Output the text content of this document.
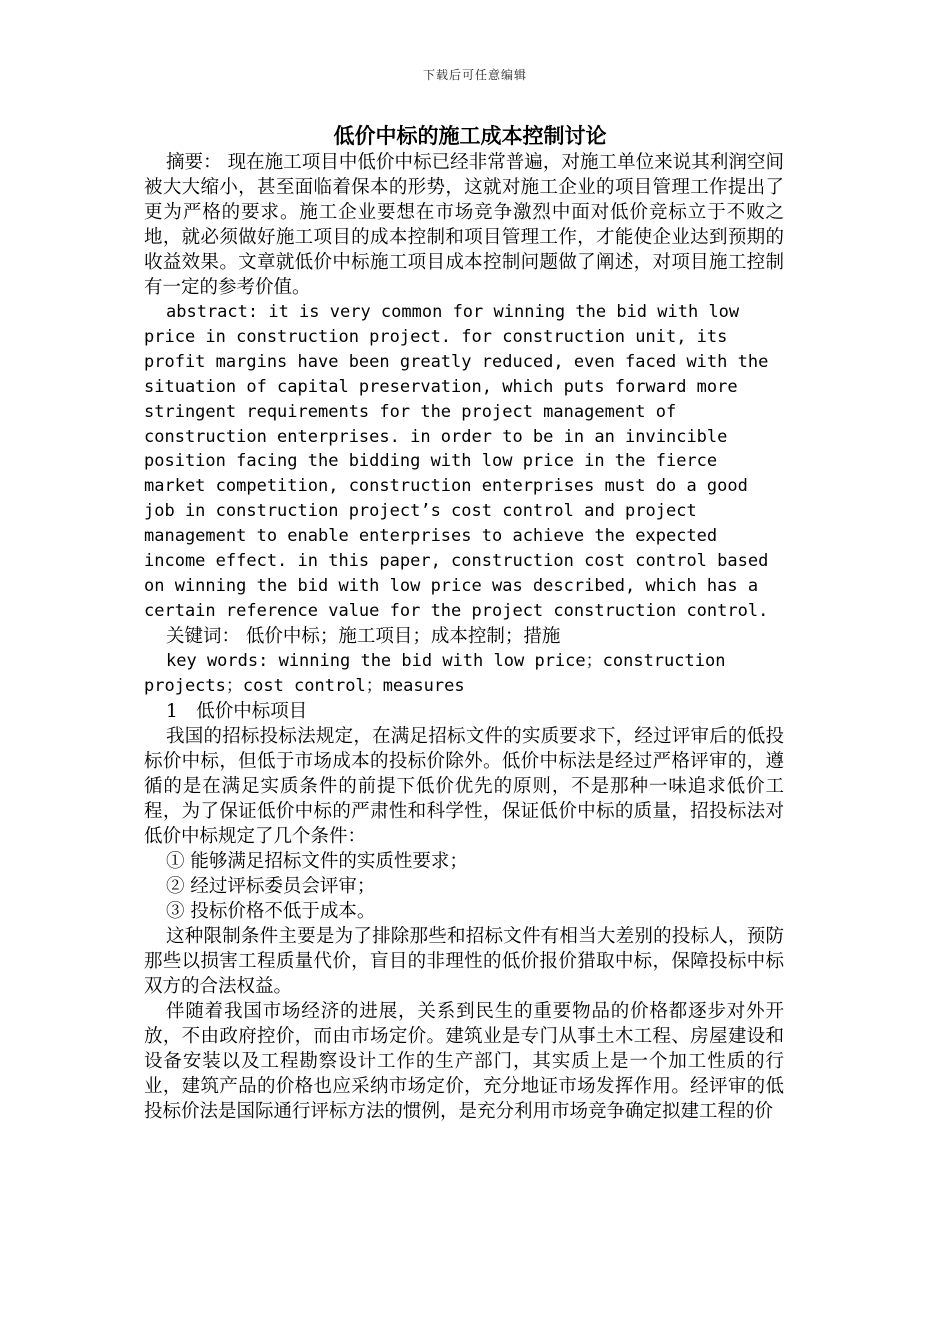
下载后可任意编辑
低价中标的施工成本控制讨论

摘要： 现在施工项目中低价中标已经非常普遍，对施工单位来说其利润空间被大大缩小，甚至面临着保本的形势，这就对施工企业的项目管理工作提出了更为严格的要求。施工企业要想在市场竞争激烈中面对低价竞标立于不败之地，就必须做好施工项目的成本控制和项目管理工作，才能使企业达到预期的收益效果。文章就低价中标施工项目成本控制问题做了阐述，对项目施工控制有一定的参考价值。

abstract: it is very common for winning the bid with low price in construction project. for construction unit, its profit margins have been greatly reduced, even faced with the situation of capital preservation, which puts forward more stringent requirements for the project management of construction enterprises. in order to be in an invincible position facing the bidding with low price in the fierce market competition, construction enterprises must do a good job in construction project’s cost control and project management to enable enterprises to achieve the expected income effect. in this paper, construction cost control based on winning the bid with low price was described, which has a certain reference value for the project construction control.

关键词： 低价中标；施工项目；成本控制；措施

key words: winning the bid with low price；construction projects；cost control；measures

1　低价中标项目

我国的招标投标法规定，在满足招标文件的实质要求下，经过评审后的低投标价中标，但低于市场成本的投标价除外。低价中标法是经过严格评审的，遵循的是在满足实质条件的前提下低价优先的原则，不是那种一味追求低价工程，为了保证低价中标的严肃性和科学性，保证低价中标的质量，招投标法对低价中标规定了几个条件：

① 能够满足招标文件的实质性要求；

② 经过评标委员会评审；

③ 投标价格不低于成本。

这种限制条件主要是为了排除那些和招标文件有相当大差别的投标人，预防那些以损害工程质量代价，盲目的非理性的低价报价猎取中标，保障投标中标双方的合法权益。

伴随着我国市场经济的进展，关系到民生的重要物品的价格都逐步对外开放，不由政府控价，而由市场定价。建筑业是专门从事土木工程、房屋建设和设备安装以及工程勘察设计工作的生产部门，其实质上是一个加工性质的行业，建筑产品的价格也应采纳市场定价，充分地证市场发挥作用。经评审的低投标价法是国际通行评标方法的惯例，是充分利用市场竞争确定拟建工程的价
